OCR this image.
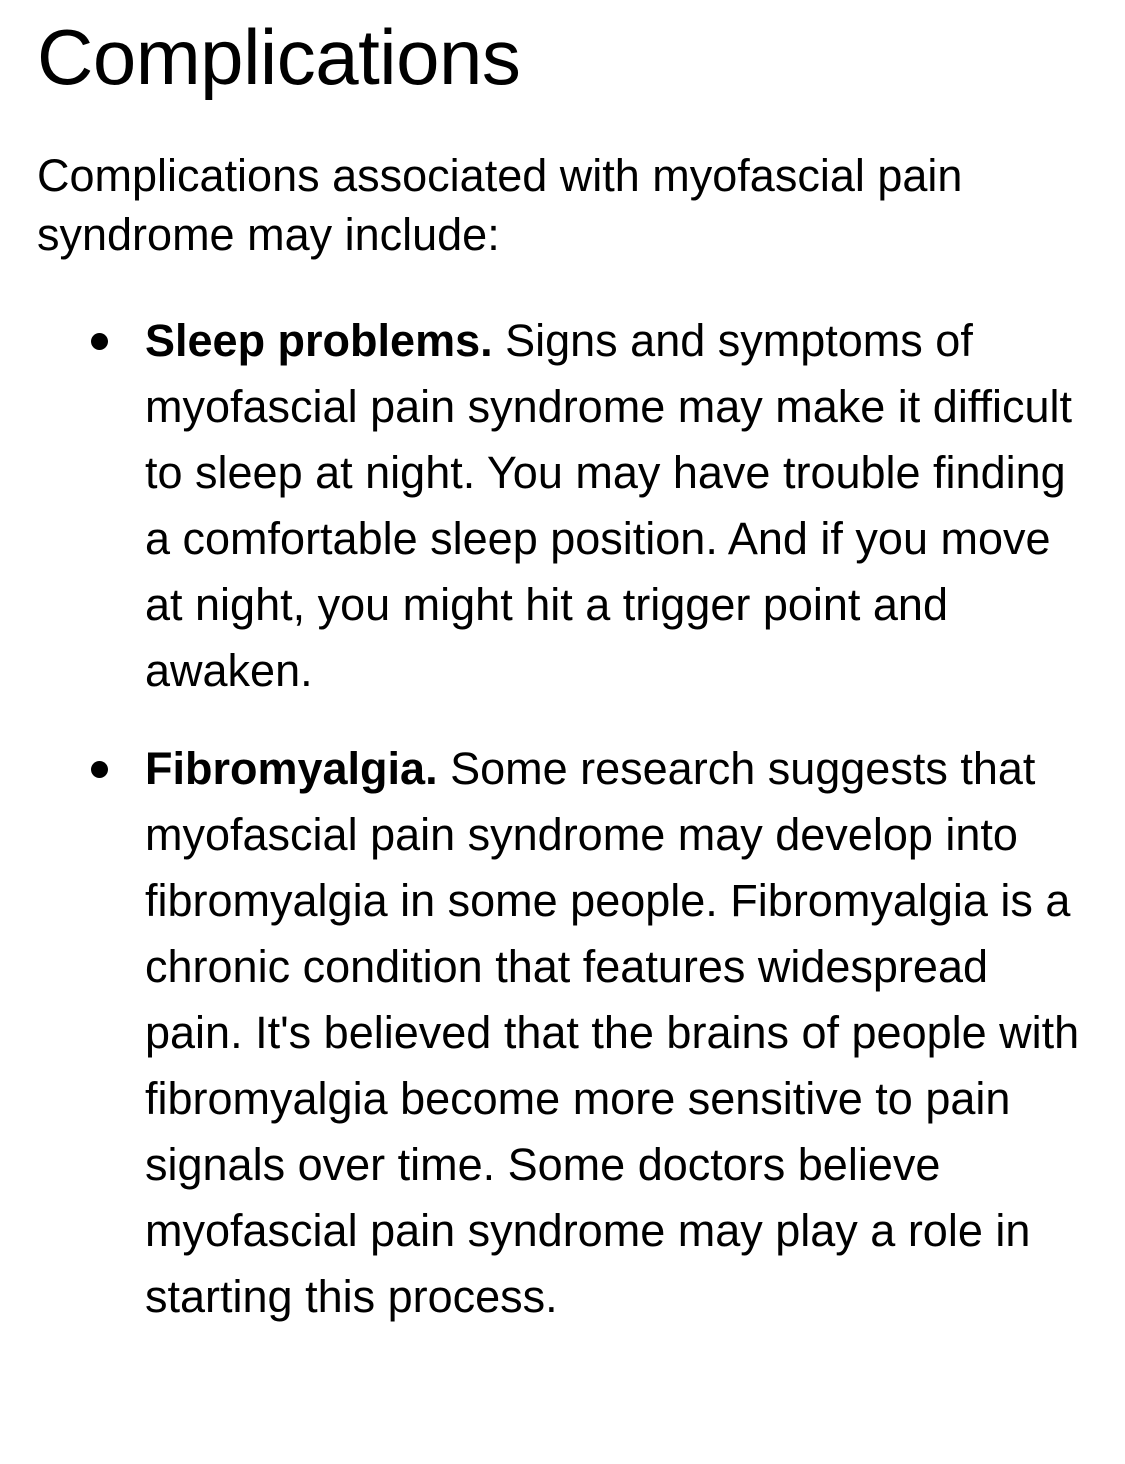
Complications

Complications associated with myofascial pain syndrome may include:

Sleep problems. Signs and symptoms of myofascial pain syndrome may make it difficult to sleep at night. You may have trouble finding a comfortable sleep position. And if you move at night, you might hit a trigger point and awaken.
Fibromyalgia. Some research suggests that myofascial pain syndrome may develop into fibromyalgia in some people. Fibromyalgia is a chronic condition that features widespread pain. It's believed that the brains of people with fibromyalgia become more sensitive to pain signals over time. Some doctors believe myofascial pain syndrome may play a role in starting this process.
